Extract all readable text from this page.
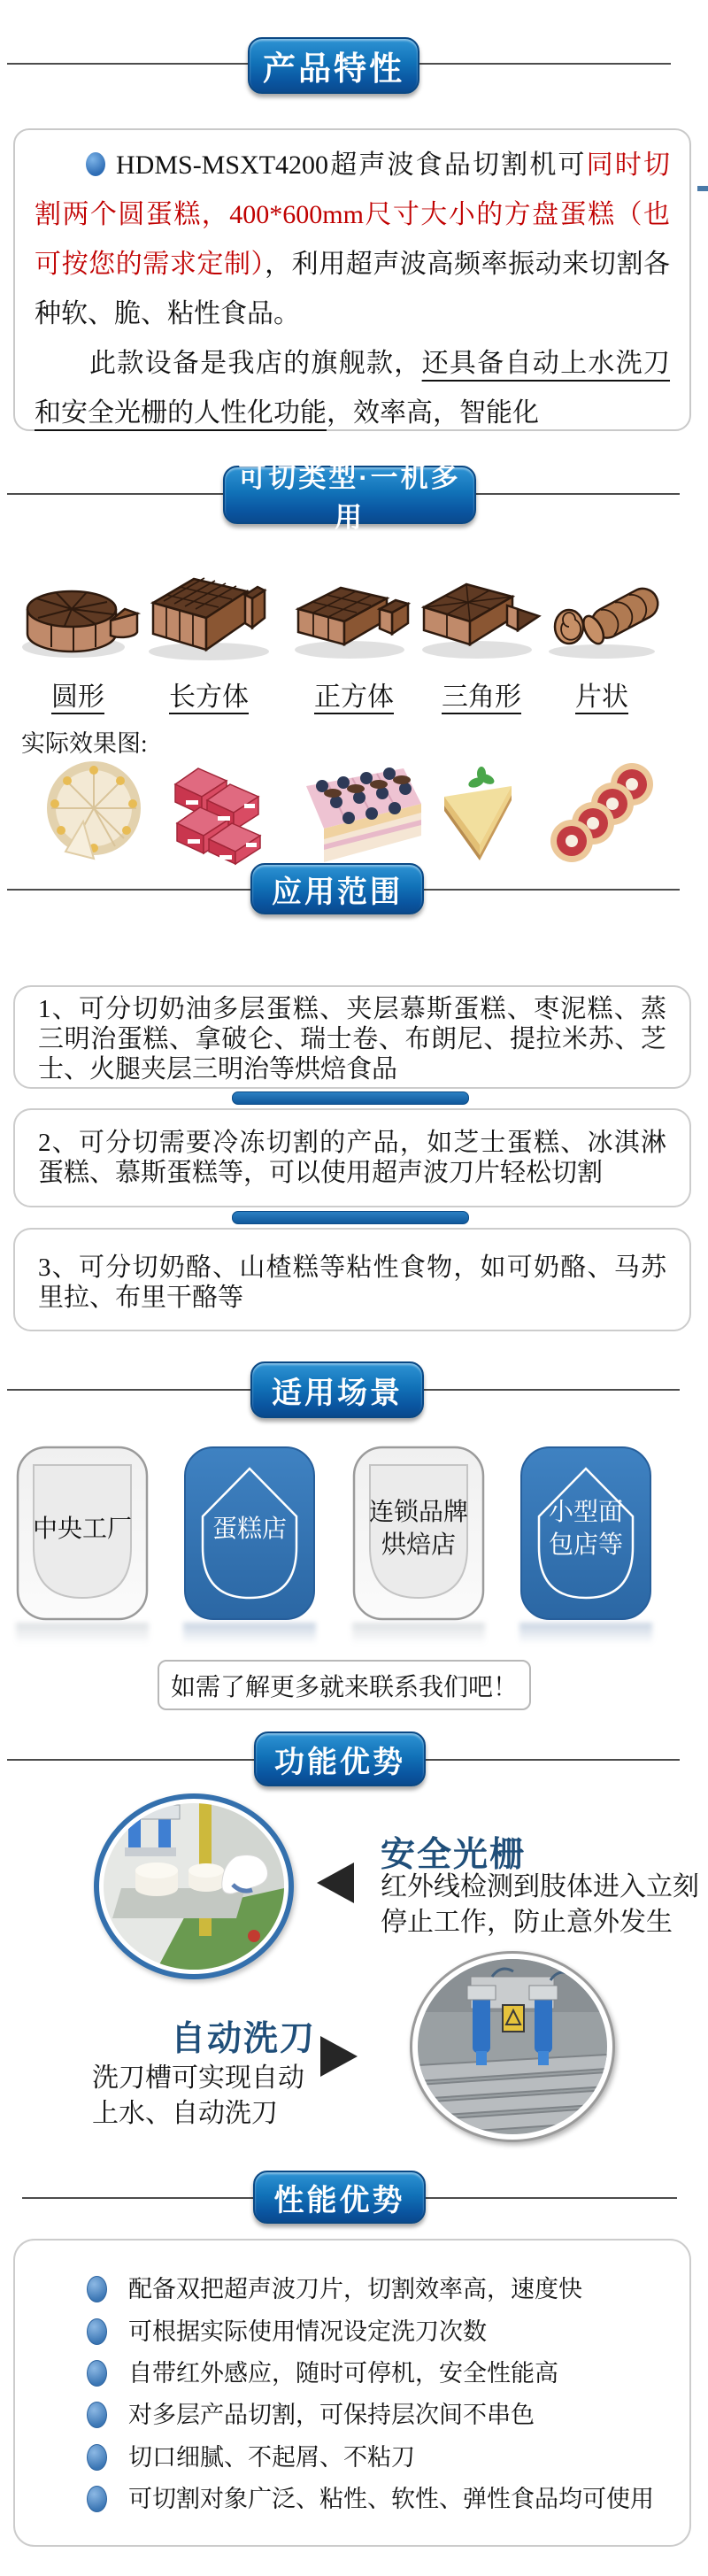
产品特性

HDMS-MSXT4200超声波食品切割机可同时切割两个圆蛋糕，400*600mm尺寸大小的方盘蛋糕（也可按您的需求定制），利用超声波高频率振动来切割各种软、脆、粘性食品。

此款设备是我店的旗舰款，还具备自动上水洗刀和安全光栅的人性化功能，效率高，智能化

可切类型·一机多用
圆形	长方体	正方体	三角形	片状
实际效果图:
应用范围
1、可分切奶油多层蛋糕、夹层慕斯蛋糕、枣泥糕、蒸三明治蛋糕、拿破仑、瑞士卷、布朗尼、提拉米苏、芝士、火腿夹层三明治等烘焙食品
2、可分切需要冷冻切割的产品，如芝士蛋糕、冰淇淋蛋糕、慕斯蛋糕等，可以使用超声波刀片轻松切割
3、可分切奶酪、山楂糕等粘性食物，如可奶酪、马苏里拉、布里干酪等
适用场景
中央工厂	蛋糕店
连锁品牌烘焙店
小型面包店等
如需了解更多就来联系我们吧！
功能优势
安全光栅
红外线检测到肢体进入立刻停止工作，防止意外发生
自动洗刀
洗刀槽可实现自动上水、自动洗刀
性能优势
配备双把超声波刀片，切割效率高，速度快
可根据实际使用情况设定洗刀次数
自带红外感应，随时可停机，安全性能高
对多层产品切割，可保持层次间不串色
切口细腻、不起屑、不粘刀
可切割对象广泛、粘性、软性、弹性食品均可使用
